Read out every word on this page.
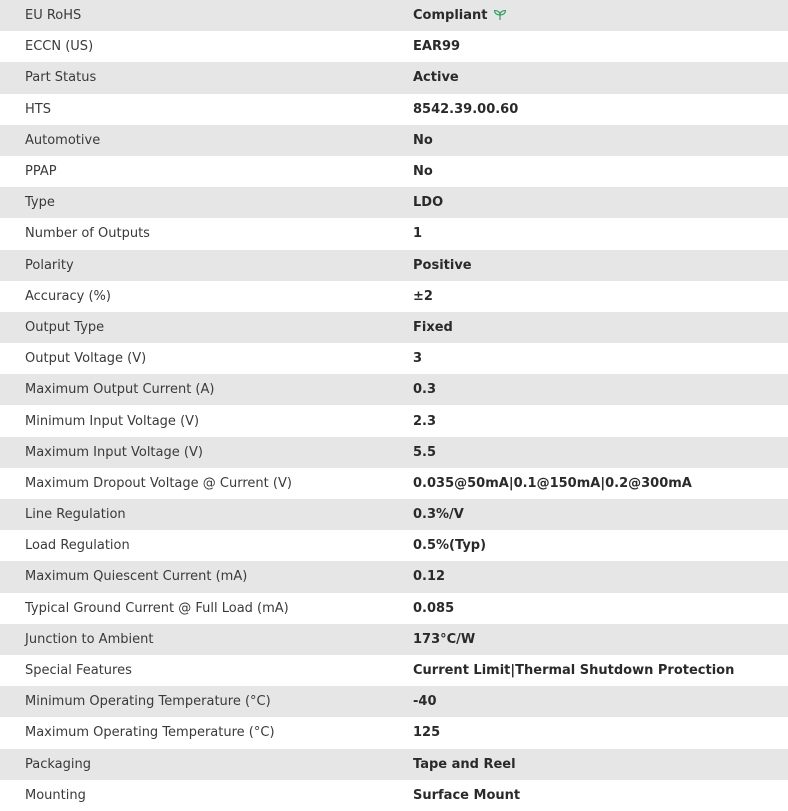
EU RoHS	Compliant
ECCN (US)	EAR99
Part Status	Active
HTS	8542.39.00.60
Automotive	No
PPAP	No
Type	LDO
Number of Outputs	1
Polarity	Positive
Accuracy (%)	±2
Output Type	Fixed
Output Voltage (V)	3
Maximum Output Current (A)	0.3
Minimum Input Voltage (V)	2.3
Maximum Input Voltage (V)	5.5
Maximum Dropout Voltage @ Current (V)	0.035@50mA|0.1@150mA|0.2@300mA
Line Regulation	0.3%/V
Load Regulation	0.5%(Typ)
Maximum Quiescent Current (mA)	0.12
Typical Ground Current @ Full Load (mA)	0.085
Junction to Ambient	173°C/W
Special Features	Current Limit|Thermal Shutdown Protection
Minimum Operating Temperature (°C)	-40
Maximum Operating Temperature (°C)	125
Packaging	Tape and Reel
Mounting	Surface Mount
